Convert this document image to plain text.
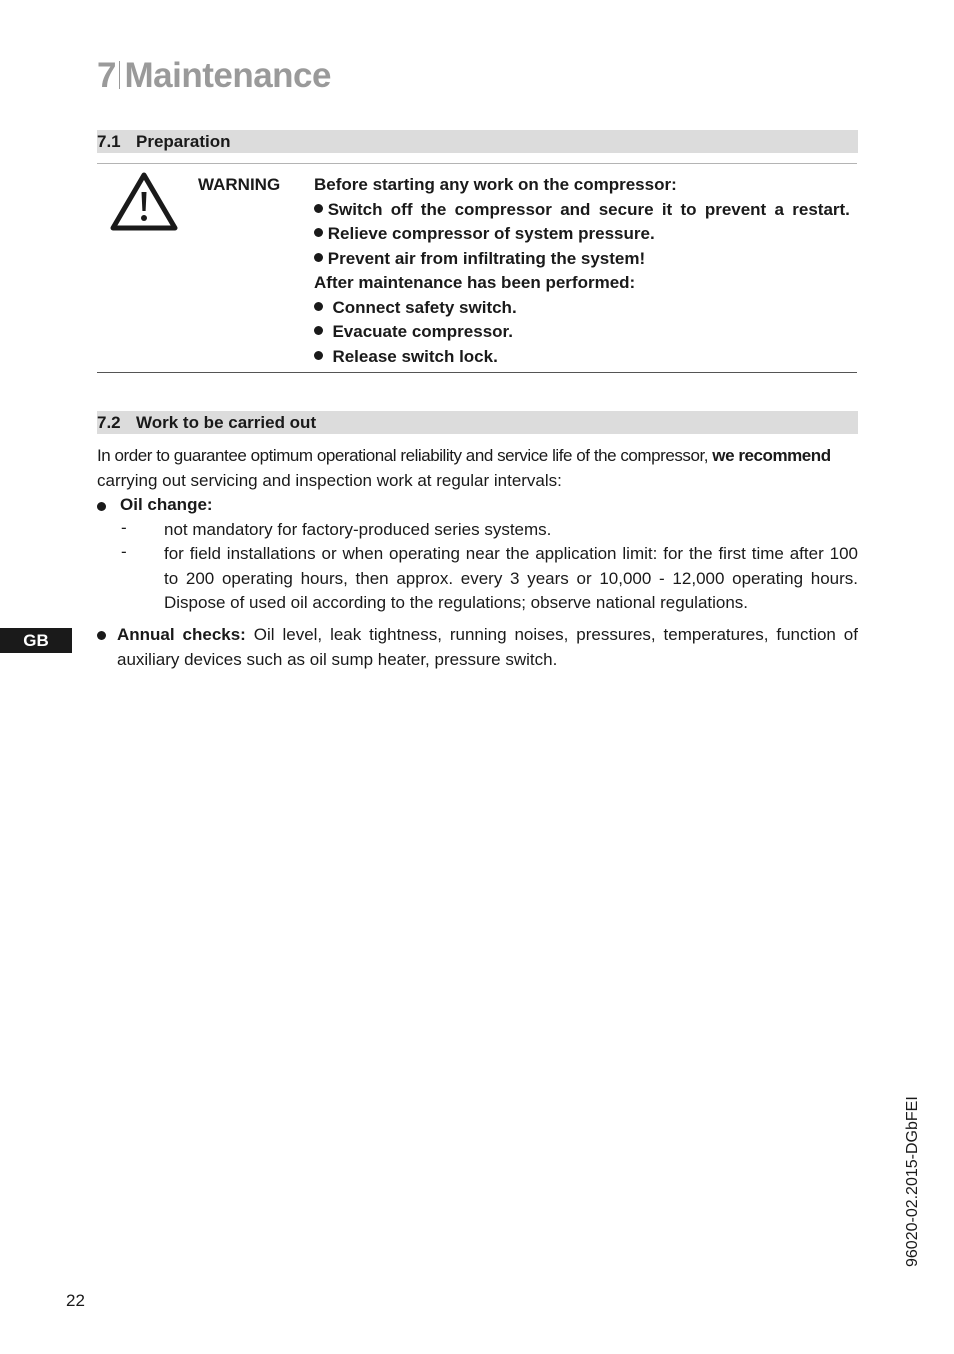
7 Maintenance
7.1 Preparation
WARNING Before starting any work on the compressor:
Switch off the compressor and secure it to prevent a restart.
Relieve compressor of system pressure.
Prevent air from infiltrating the system!
After maintenance has been performed:
Connect safety switch.
Evacuate compressor.
Release switch lock.
7.2 Work to be carried out
In order to guarantee optimum operational reliability and service life of the compressor, we recommend
carrying out servicing and inspection work at regular intervals:
Oil change:
- not mandatory for factory-produced series systems.
- for field installations or when operating near the application limit: for the first time after 100 to 200 operating hours, then approx. every 3 years or 10,000 - 12,000 operating hours. Dispose of used oil according to the regulations; observe national regulations.
Annual checks: Oil level, leak tightness, running noises, pressures, temperatures, function of auxiliary devices such as oil sump heater, pressure switch.
GB
96020-02.2015-DGbFEI
22
